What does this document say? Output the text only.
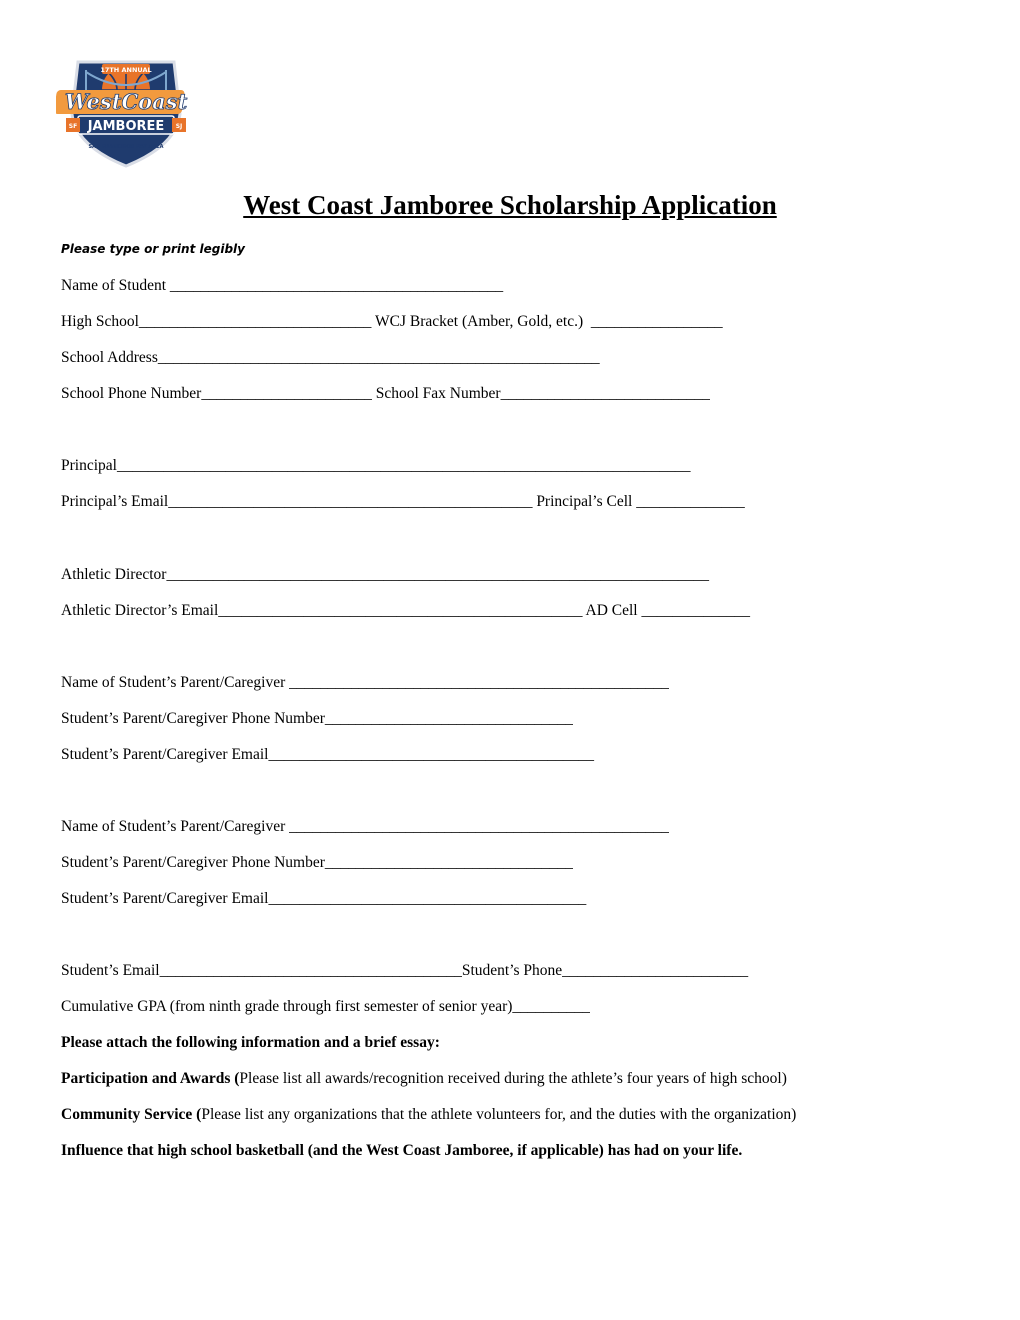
17TH ANNUAL
WestCoast
JAMBOREE
SF	SJ
SAN FRANCISCO BAY AREA
West Coast Jamboree Scholarship Application
Please type or print legibly
Name of Student ___________________________________________
High School______________________________ WCJ Bracket (Amber, Gold, etc.)  _________________
School Address_________________________________________________________
School Phone Number______________________ School Fax Number___________________________
Principal__________________________________________________________________________
Principal’s Email_______________________________________________ Principal’s Cell ______________
Athletic Director______________________________________________________________________
Athletic Director’s Email_______________________________________________ AD Cell ______________
Name of Student’s Parent/Caregiver _________________________________________________
Student’s Parent/Caregiver Phone Number________________________________
Student’s Parent/Caregiver Email__________________________________________
Name of Student’s Parent/Caregiver _________________________________________________
Student’s Parent/Caregiver Phone Number________________________________
Student’s Parent/Caregiver Email_________________________________________
Student’s Email_______________________________________Student’s Phone________________________
Cumulative GPA (from ninth grade through first semester of senior year)__________
Please attach the following information and a brief essay:
Participation and Awards (Please list all awards/recognition received during the athlete’s four years of high school)
Community Service (Please list any organizations that the athlete volunteers for, and the duties with the organization)
Influence that high school basketball (and the West Coast Jamboree, if applicable) has had on your life.
